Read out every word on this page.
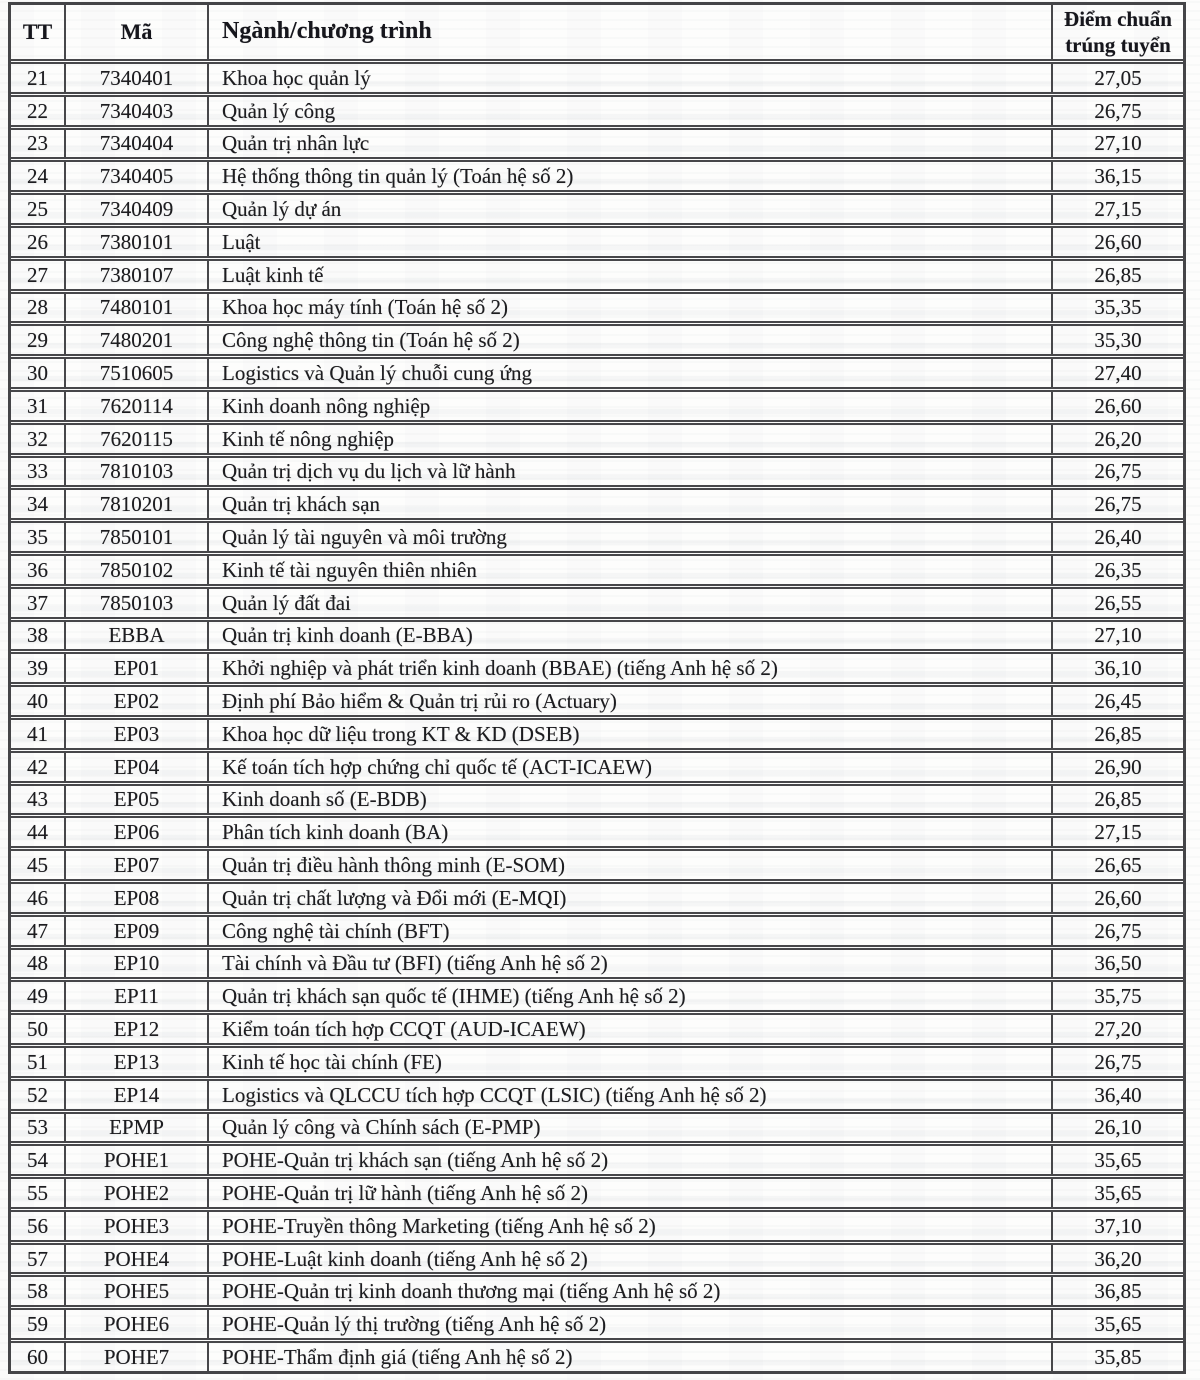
TT	Mã	Ngành/chương trình	Điểm chuẩn trúng tuyển
21	7340401	Khoa học quản lý	27,05
22	7340403	Quản lý công	26,75
23	7340404	Quản trị nhân lực	27,10
24	7340405	Hệ thống thông tin quản lý (Toán hệ số 2)	36,15
25	7340409	Quản lý dự án	27,15
26	7380101	Luật	26,60
27	7380107	Luật kinh tế	26,85
28	7480101	Khoa học máy tính (Toán hệ số 2)	35,35
29	7480201	Công nghệ thông tin (Toán hệ số 2)	35,30
30	7510605	Logistics và Quản lý chuỗi cung ứng	27,40
31	7620114	Kinh doanh nông nghiệp	26,60
32	7620115	Kinh tế nông nghiệp	26,20
33	7810103	Quản trị dịch vụ du lịch và lữ hành	26,75
34	7810201	Quản trị khách sạn	26,75
35	7850101	Quản lý tài nguyên và môi trường	26,40
36	7850102	Kinh tế tài nguyên thiên nhiên	26,35
37	7850103	Quản lý đất đai	26,55
38	EBBA	Quản trị kinh doanh (E-BBA)	27,10
39	EP01	Khởi nghiệp và phát triển kinh doanh (BBAE) (tiếng Anh hệ số 2)	36,10
40	EP02	Định phí Bảo hiểm & Quản trị rủi ro (Actuary)	26,45
41	EP03	Khoa học dữ liệu trong KT & KD (DSEB)	26,85
42	EP04	Kế toán tích hợp chứng chỉ quốc tế (ACT-ICAEW)	26,90
43	EP05	Kinh doanh số (E-BDB)	26,85
44	EP06	Phân tích kinh doanh (BA)	27,15
45	EP07	Quản trị điều hành thông minh (E-SOM)	26,65
46	EP08	Quản trị chất lượng và Đổi mới (E-MQI)	26,60
47	EP09	Công nghệ tài chính (BFT)	26,75
48	EP10	Tài chính và Đầu tư (BFI) (tiếng Anh hệ số 2)	36,50
49	EP11	Quản trị khách sạn quốc tế (IHME) (tiếng Anh hệ số 2)	35,75
50	EP12	Kiểm toán tích hợp CCQT (AUD-ICAEW)	27,20
51	EP13	Kinh tế học tài chính (FE)	26,75
52	EP14	Logistics và QLCCU tích hợp CCQT (LSIC) (tiếng Anh hệ số 2)	36,40
53	EPMP	Quản lý công và Chính sách (E-PMP)	26,10
54	POHE1	POHE-Quản trị khách sạn (tiếng Anh hệ số 2)	35,65
55	POHE2	POHE-Quản trị lữ hành (tiếng Anh hệ số 2)	35,65
56	POHE3	POHE-Truyền thông Marketing (tiếng Anh hệ số 2)	37,10
57	POHE4	POHE-Luật kinh doanh (tiếng Anh hệ số 2)	36,20
58	POHE5	POHE-Quản trị kinh doanh thương mại (tiếng Anh hệ số 2)	36,85
59	POHE6	POHE-Quản lý thị trường (tiếng Anh hệ số 2)	35,65
60	POHE7	POHE-Thẩm định giá (tiếng Anh hệ số 2)	35,85
